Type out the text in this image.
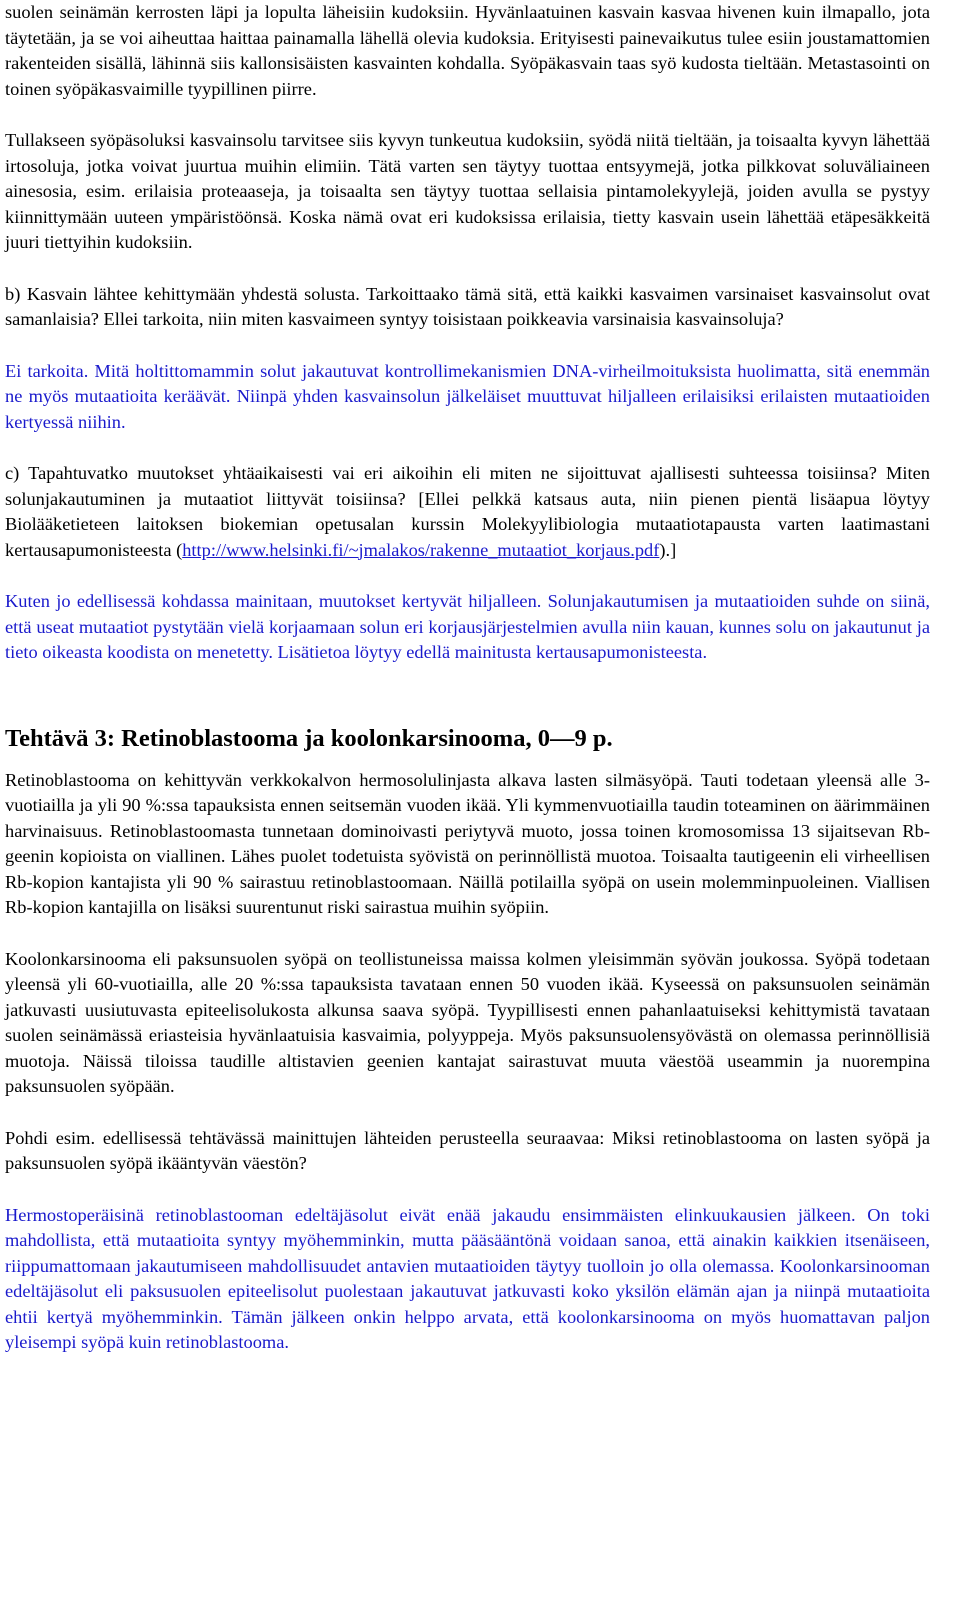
suolen seinämän kerrosten läpi ja lopulta läheisiin kudoksiin. Hyvänlaatuinen kasvain kasvaa hivenen kuin ilmapallo, jota täytetään, ja se voi aiheuttaa haittaa painamalla lähellä olevia kudoksia. Erityisesti painevaikutus tulee esiin joustamattomien rakenteiden sisällä, lähinnä siis kallonsisäisten kasvainten kohdalla. Syöpäkasvain taas syö kudosta tieltään. Metastasointi on toinen syöpäkasvaimille tyypillinen piirre.

Tullakseen syöpäsoluksi kasvainsolu tarvitsee siis kyvyn tunkeutua kudoksiin, syödä niitä tieltään, ja toisaalta kyvyn lähettää irtosoluja, jotka voivat juurtua muihin elimiin. Tätä varten sen täytyy tuottaa entsyymejä, jotka pilkkovat soluväliaineen ainesosia, esim. erilaisia proteaaseja, ja toisaalta sen täytyy tuottaa sellaisia pintamolekyylejä, joiden avulla se pystyy kiinnittymään uuteen ympäristöönsä. Koska nämä ovat eri kudoksissa erilaisia, tietty kasvain usein lähettää etäpesäkkeitä juuri tiettyihin kudoksiin.

b) Kasvain lähtee kehittymään yhdestä solusta. Tarkoittaako tämä sitä, että kaikki kasvaimen varsinaiset kasvainsolut ovat samanlaisia? Ellei tarkoita, niin miten kasvaimeen syntyy toisistaan poikkeavia varsinaisia kasvainsoluja?

Ei tarkoita. Mitä holtittomammin solut jakautuvat kontrollimekanismien DNA-virheilmoituksista huolimatta, sitä enemmän ne myös mutaatioita keräävät. Niinpä yhden kasvainsolun jälkeläiset muuttuvat hiljalleen erilaisiksi erilaisten mutaatioiden kertyessä niihin.

c) Tapahtuvatko muutokset yhtäaikaisesti vai eri aikoihin eli miten ne sijoittuvat ajallisesti suhteessa toisiinsa? Miten solunjakautuminen ja mutaatiot liittyvät toisiinsa? [Ellei pelkkä katsaus auta, niin pienen pientä lisäapua löytyy Biolääketieteen laitoksen biokemian opetusalan kurssin Molekyylibiologia mutaatiotapausta varten laatimastani kertausapumonisteesta (http://www.helsinki.fi/~jmalakos/rakenne_mutaatiot_korjaus.pdf).]

Kuten jo edellisessä kohdassa mainitaan, muutokset kertyvät hiljalleen. Solunjakautumisen ja mutaatioiden suhde on siinä, että useat mutaatiot pystytään vielä korjaamaan solun eri korjausjärjestelmien avulla niin kauan, kunnes solu on jakautunut ja tieto oikeasta koodista on menetetty. Lisätietoa löytyy edellä mainitusta kertausapumonisteesta.

Tehtävä 3: Retinoblastooma ja koolonkarsinooma, 0—9 p.

Retinoblastooma on kehittyvän verkkokalvon hermosolulinjasta alkava lasten silmäsyöpä. Tauti todetaan yleensä alle 3-vuotiailla ja yli 90 %:ssa tapauksista ennen seitsemän vuoden ikää. Yli kymmenvuotiailla taudin toteaminen on äärimmäinen harvinaisuus. Retinoblastoomasta tunnetaan dominoivasti periytyvä muoto, jossa toinen kromosomissa 13 sijaitsevan Rb-geenin kopioista on viallinen. Lähes puolet todetuista syövistä on perinnöllistä muotoa. Toisaalta tautigeenin eli virheellisen Rb-kopion kantajista yli 90 % sairastuu retinoblastoomaan. Näillä potilailla syöpä on usein molemminpuoleinen. Viallisen Rb-kopion kantajilla on lisäksi suurentunut riski sairastua muihin syöpiin.

Koolonkarsinooma eli paksunsuolen syöpä on teollistuneissa maissa kolmen yleisimmän syövän joukossa. Syöpä todetaan yleensä yli 60-vuotiailla, alle 20 %:ssa tapauksista tavataan ennen 50 vuoden ikää. Kyseessä on paksunsuolen seinämän jatkuvasti uusiutuvasta epiteelisolukosta alkunsa saava syöpä. Tyypillisesti ennen pahanlaatuiseksi kehittymistä tavataan suolen seinämässä eriasteisia hyvänlaatuisia kasvaimia, polyyppeja. Myös paksunsuolensyövästä on olemassa perinnöllisiä muotoja. Näissä tiloissa taudille altistavien geenien kantajat sairastuvat muuta väestöä useammin ja nuorempina paksunsuolen syöpään.

Pohdi esim. edellisessä tehtävässä mainittujen lähteiden perusteella seuraavaa: Miksi retinoblastooma on lasten syöpä ja paksunsuolen syöpä ikääntyvän väestön?

Hermostoperäisinä retinoblastooman edeltäjäsolut eivät enää jakaudu ensimmäisten elinkuukausien jälkeen. On toki mahdollista, että mutaatioita syntyy myöhemminkin, mutta pääsääntönä voidaan sanoa, että ainakin kaikkien itsenäiseen, riippumattomaan jakautumiseen mahdollisuudet antavien mutaatioiden täytyy tuolloin jo olla olemassa. Koolonkarsinooman edeltäjäsolut eli paksusuolen epiteelisolut puolestaan jakautuvat jatkuvasti koko yksilön elämän ajan ja niinpä mutaatioita ehtii kertyä myöhemminkin. Tämän jälkeen onkin helppo arvata, että koolonkarsinooma on myös huomattavan paljon yleisempi syöpä kuin retinoblastooma.
